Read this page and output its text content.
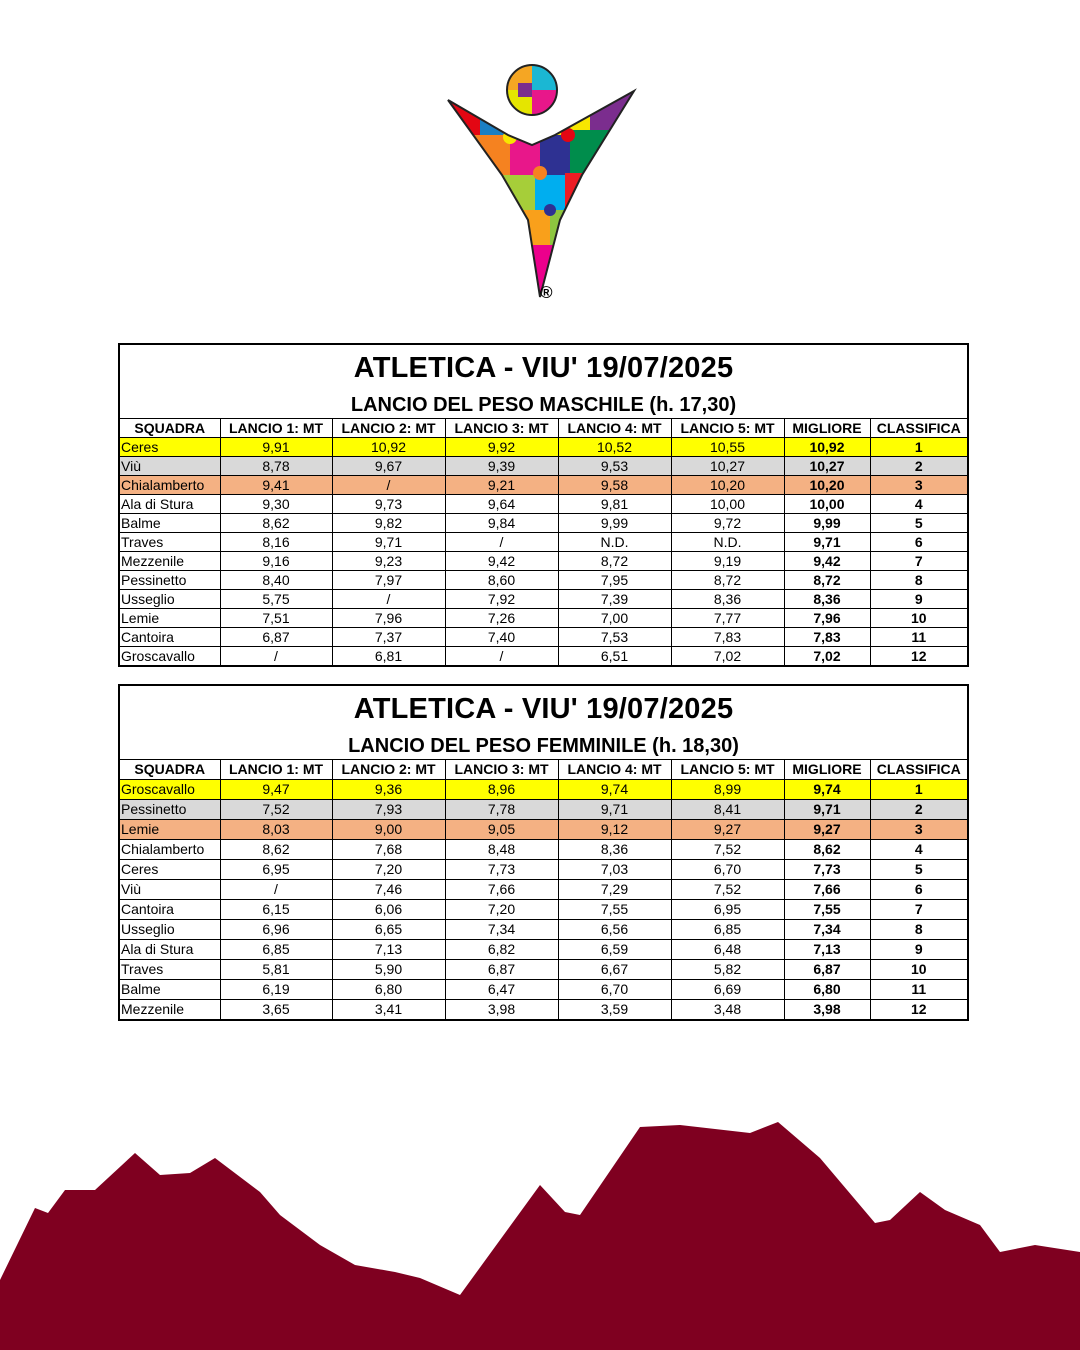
®
ATLETICA - VIU' 19/07/2025
LANCIO DEL PESO MASCHILE (h. 17,30)
SQUADRA	LANCIO 1: MT	LANCIO 2: MT	LANCIO 3: MT	LANCIO 4: MT	LANCIO 5: MT	MIGLIORE	CLASSIFICA
Ceres	9,91	10,92	9,92	10,52	10,55	10,92	1
Viù	8,78	9,67	9,39	9,53	10,27	10,27	2
Chialamberto	9,41	/	9,21	9,58	10,20	10,20	3
Ala di Stura	9,30	9,73	9,64	9,81	10,00	10,00	4
Balme	8,62	9,82	9,84	9,99	9,72	9,99	5
Traves	8,16	9,71	/	N.D.	N.D.	9,71	6
Mezzenile	9,16	9,23	9,42	8,72	9,19	9,42	7
Pessinetto	8,40	7,97	8,60	7,95	8,72	8,72	8
Usseglio	5,75	/	7,92	7,39	8,36	8,36	9
Lemie	7,51	7,96	7,26	7,00	7,77	7,96	10
Cantoira	6,87	7,37	7,40	7,53	7,83	7,83	11
Groscavallo	/	6,81	/	6,51	7,02	7,02	12
ATLETICA - VIU' 19/07/2025
LANCIO DEL PESO FEMMINILE (h. 18,30)
SQUADRA	LANCIO 1: MT	LANCIO 2: MT	LANCIO 3: MT	LANCIO 4: MT	LANCIO 5: MT	MIGLIORE	CLASSIFICA
Groscavallo	9,47	9,36	8,96	9,74	8,99	9,74	1
Pessinetto	7,52	7,93	7,78	9,71	8,41	9,71	2
Lemie	8,03	9,00	9,05	9,12	9,27	9,27	3
Chialamberto	8,62	7,68	8,48	8,36	7,52	8,62	4
Ceres	6,95	7,20	7,73	7,03	6,70	7,73	5
Viù	/	7,46	7,66	7,29	7,52	7,66	6
Cantoira	6,15	6,06	7,20	7,55	6,95	7,55	7
Usseglio	6,96	6,65	7,34	6,56	6,85	7,34	8
Ala di Stura	6,85	7,13	6,82	6,59	6,48	7,13	9
Traves	5,81	5,90	6,87	6,67	5,82	6,87	10
Balme	6,19	6,80	6,47	6,70	6,69	6,80	11
Mezzenile	3,65	3,41	3,98	3,59	3,48	3,98	12
